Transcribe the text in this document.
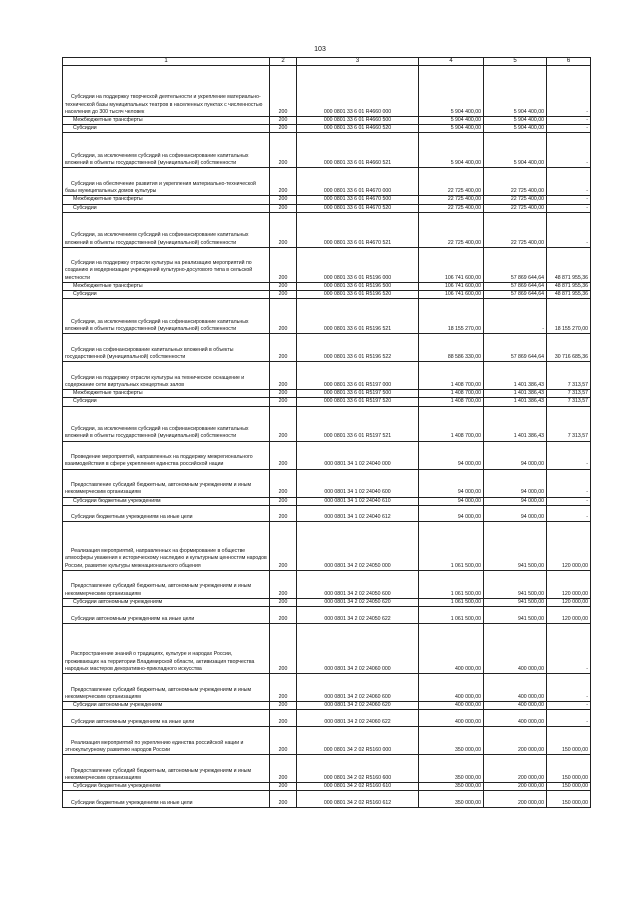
103
1	2	3	4	5	6

Субсидии на поддержку творческой деятельности и укрепление материально-технической базы муниципальных театров в населенных пунктах с численностью населения до 300 тысяч человек	200	000 0801 33 6 01 R4660 000	5 904 400,00	5 904 400,00	-

Межбюджетные трансферты	200	000 0801 33 6 01 R4660 500	5 904 400,00	5 904 400,00	-

Субсидии	200	000 0801 33 6 01 R4660 520	5 904 400,00	5 904 400,00	-

Субсидии, за исключением субсидий на софинансирование капитальных вложений в объекты государственной (муниципальной) собственности	200	000 0801 33 6 01 R4660 521	5 904 400,00	5 904 400,00	-

Субсидии на обеспечение развития и укрепления материально-технической базы муниципальных домов культуры	200	000 0801 33 6 01 R4670 000	22 725 400,00	22 725 400,00	-

Межбюджетные трансферты	200	000 0801 33 6 01 R4670 500	22 725 400,00	22 725 400,00	-

Субсидии	200	000 0801 33 6 01 R4670 520	22 725 400,00	22 725 400,00	-

Субсидии, за исключением субсидий на софинансирование капитальных вложений в объекты государственной (муниципальной) собственности	200	000 0801 33 6 01 R4670 521	22 725 400,00	22 725 400,00	-

Субсидии на поддержку отрасли культуры на реализацию мероприятий по созданию и модернизации учреждений культурно-досугового типа в сельской местности	200	000 0801 33 6 01 R5196 000	106 741 600,00	57 869 644,64	48 871 955,36

Межбюджетные трансферты	200	000 0801 33 6 01 R5196 500	106 741 600,00	57 869 644,64	48 871 955,36

Субсидии	200	000 0801 33 6 01 R5196 520	106 741 600,00	57 869 644,64	48 871 955,36

Субсидии, за исключением субсидий на софинансирование капитальных вложений в объекты государственной (муниципальной) собственности	200	000 0801 33 6 01 R5196 521	18 155 270,00	-	18 155 270,00

Субсидии на софинансирование капитальных вложений в объекты государственной (муниципальной) собственности	200	000 0801 33 6 01 R5196 522	88 586 330,00	57 869 644,64	30 716 685,36

Субсидии на поддержку отрасли культуры на техническое оснащение и содержание сети виртуальных концертных залов	200	000 0801 33 6 01 R5197 000	1 408 700,00	1 401 386,43	7 313,57

Межбюджетные трансферты	200	000 0801 33 6 01 R5197 500	1 408 700,00	1 401 386,43	7 313,57

Субсидии	200	000 0801 33 6 01 R5197 520	1 408 700,00	1 401 386,43	7 313,57

Субсидии, за исключением субсидий на софинансирование капитальных вложений в объекты государственной (муниципальной) собственности	200	000 0801 33 6 01 R5197 521	1 408 700,00	1 401 386,43	7 313,57

Проведение мероприятий, направленных на поддержку межрегионального взаимодействия в сфере укрепления единства российской нации	200	000 0801 34 1 02 24040 000	94 000,00	94 000,00	-

Предоставление субсидий бюджетным, автономным учреждениям и иным некоммерческим организациям	200	000 0801 34 1 02 24040 600	94 000,00	94 000,00	-

Субсидии бюджетным учреждениям	200	000 0801 34 1 02 24040 610	94 000,00	94 000,00	-

Субсидии бюджетным учреждениям на иные цели	200	000 0801 34 1 02 24040 612	94 000,00	94 000,00	-

Реализация мероприятий, направленных на формирование в обществе атмосферы уважения к историческому наследию и культурным ценностям народов России, развитие культуры межнационального общения	200	000 0801 34 2 02 24050 000	1 061 500,00	941 500,00	120 000,00

Предоставление субсидий бюджетным, автономным учреждениям и иным некоммерческим организациям	200	000 0801 34 2 02 24050 600	1 061 500,00	941 500,00	120 000,00

Субсидии автономным учреждениям	200	000 0801 34 2 02 24050 620	1 061 500,00	941 500,00	120 000,00

Субсидии автономным учреждениям на иные цели	200	000 0801 34 2 02 24050 622	1 061 500,00	941 500,00	120 000,00

Распространение знаний о традициях, культуре и народах России, проживающих на территории Владимирской области, активизация творчества народных мастеров декоративно-прикладного искусства	200	000 0801 34 2 02 24060 000	400 000,00	400 000,00	-

Предоставление субсидий бюджетным, автономным учреждениям и иным некоммерческим организациям	200	000 0801 34 2 02 24060 600	400 000,00	400 000,00	-

Субсидии автономным учреждениям	200	000 0801 34 2 02 24060 620	400 000,00	400 000,00	-

Субсидии автономным учреждениям на иные цели	200	000 0801 34 2 02 24060 622	400 000,00	400 000,00	-

Реализация мероприятий по укреплению единства российской нации и этнокультурному развитию народов России	200	000 0801 34 2 02 R5160 000	350 000,00	200 000,00	150 000,00

Предоставление субсидий бюджетным, автономным учреждениям и иным некоммерческим организациям	200	000 0801 34 2 02 R5160 600	350 000,00	200 000,00	150 000,00

Субсидии бюджетным учреждениям	200	000 0801 34 2 02 R5160 610	350 000,00	200 000,00	150 000,00

Субсидии бюджетным учреждениям на иные цели	200	000 0801 34 2 02 R5160 612	350 000,00	200 000,00	150 000,00
